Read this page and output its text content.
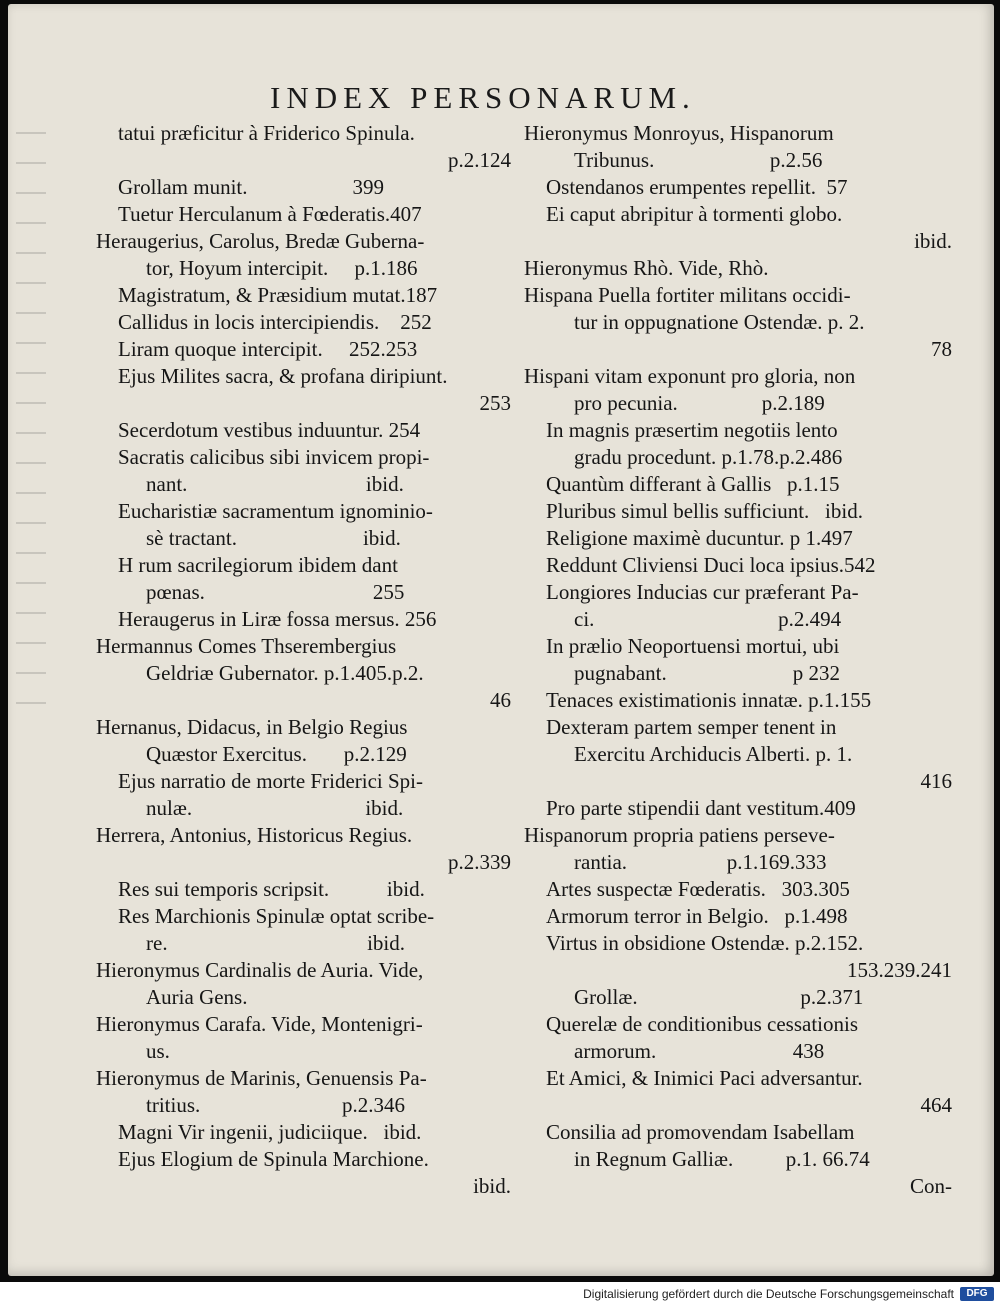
INDEX PERSONARUM.
tatui præficitur à Friderico Spinula.
p.2.124
Grollam munit.                    399
Tuetur Herculanum à Fœderatis.407
Heraugerius, Carolus, Bredæ Guberna-
tor, Hoyum intercipit.     p.1.186
Magistratum, & Præsidium mutat.187
Callidus in locis intercipiendis.    252
Liram quoque intercipit.     252.253
Ejus Milites sacra, & profana diripiunt.
253
Secerdotum vestibus induuntur. 254
Sacratis calicibus sibi invicem propi-
nant.                                  ibid.
Eucharistiæ sacramentum ignominio-
sè tractant.                        ibid.
H rum sacrilegiorum ibidem dant
pœnas.                                255
Heraugerus in Liræ fossa mersus. 256
Hermannus Comes Thserembergius
Geldriæ Gubernator. p.1.405.p.2.
46
Hernanus, Didacus, in Belgio Regius
Quæstor Exercitus.       p.2.129
Ejus narratio de morte Friderici Spi-
nulæ.                                 ibid.
Herrera, Antonius, Historicus Regius.
p.2.339
Res sui temporis scripsit.           ibid.
Res Marchionis Spinulæ optat scribe-
re.                                      ibid.
Hieronymus Cardinalis de Auria. Vide,
Auria Gens.
Hieronymus Carafa. Vide, Montenigri-
us.
Hieronymus de Marinis, Genuensis Pa-
tritius.                           p.2.346
Magni Vir ingenii, judiciique.   ibid.
Ejus Elogium de Spinula Marchione.
ibid.
Hieronymus Monroyus, Hispanorum
Tribunus.                      p.2.56
Ostendanos erumpentes repellit.  57
Ei caput abripitur à tormenti globo.
ibid.
Hieronymus Rhò. Vide, Rhò.
Hispana Puella fortiter militans occidi-
tur in oppugnatione Ostendæ. p. 2.
78
Hispani vitam exponunt pro gloria, non
pro pecunia.                p.2.189
In magnis præsertim negotiis lento
gradu procedunt. p.1.78.p.2.486
Quantùm differant à Gallis   p.1.15
Pluribus simul bellis sufficiunt.   ibid.
Religione maximè ducuntur. p 1.497
Reddunt Cliviensi Duci loca ipsius.542
Longiores Inducias cur præferant Pa-
ci.                                   p.2.494
In prælio Neoportuensi mortui, ubi
pugnabant.                        p 232
Tenaces existimationis innatæ. p.1.155
Dexteram partem semper tenent in
Exercitu Archiducis Alberti. p. 1.
416
Pro parte stipendii dant vestitum.409
Hispanorum propria patiens perseve-
rantia.                   p.1.169.333
Artes suspectæ Fœderatis.   303.305
Armorum terror in Belgio.   p.1.498
Virtus in obsidione Ostendæ. p.2.152.
153.239.241
Grollæ.                               p.2.371
Querelæ de conditionibus cessationis
armorum.                          438
Et Amici, & Inimici Paci adversantur.
464
Consilia ad promovendam Isabellam
in Regnum Galliæ.          p.1. 66.74
Con-
Digitalisierung gefördert durch die Deutsche Forschungsgemeinschaft	DFG
